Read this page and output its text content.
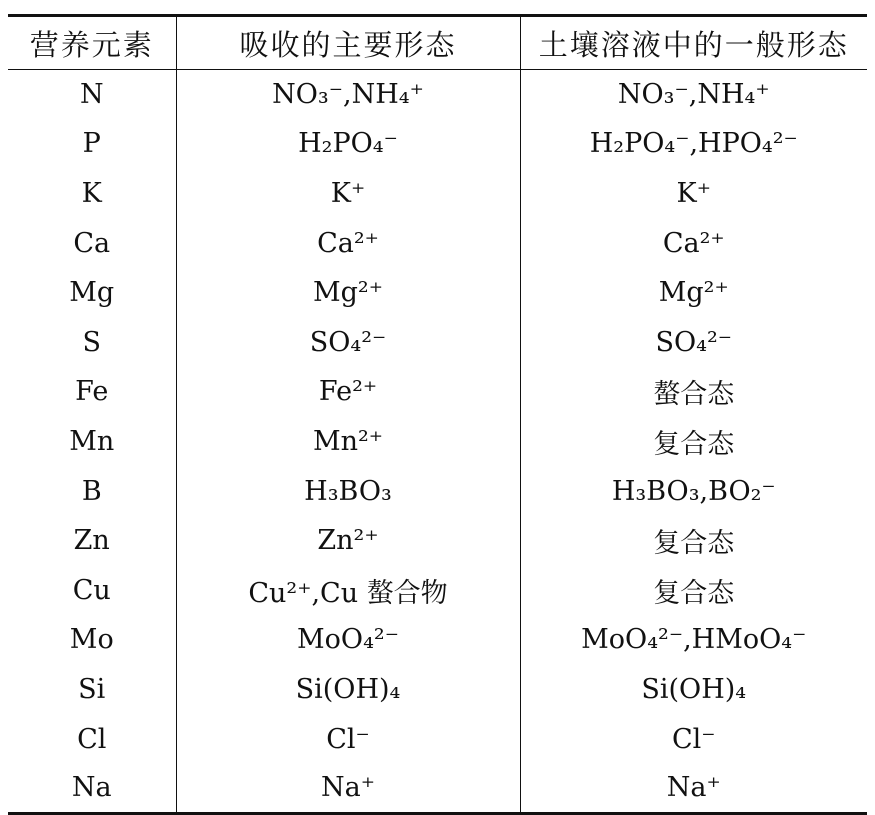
营养元素	吸收的主要形态	土壤溶液中的一般形态
N	NO₃⁻,NH₄⁺	NO₃⁻,NH₄⁺
P	H₂PO₄⁻	H₂PO₄⁻,HPO₄²⁻
K	K⁺	K⁺
Ca	Ca²⁺	Ca²⁺
Mg	Mg²⁺	Mg²⁺
S	SO₄²⁻	SO₄²⁻
Fe	Fe²⁺	螯合态
Mn	Mn²⁺	复合态
B	H₃BO₃	H₃BO₃,BO₂⁻
Zn	Zn²⁺	复合态
Cu	Cu²⁺,Cu 螯合物	复合态
Mo	MoO₄²⁻	MoO₄²⁻,HMoO₄⁻
Si	Si(OH)₄	Si(OH)₄
Cl	Cl⁻	Cl⁻
Na	Na⁺	Na⁺
